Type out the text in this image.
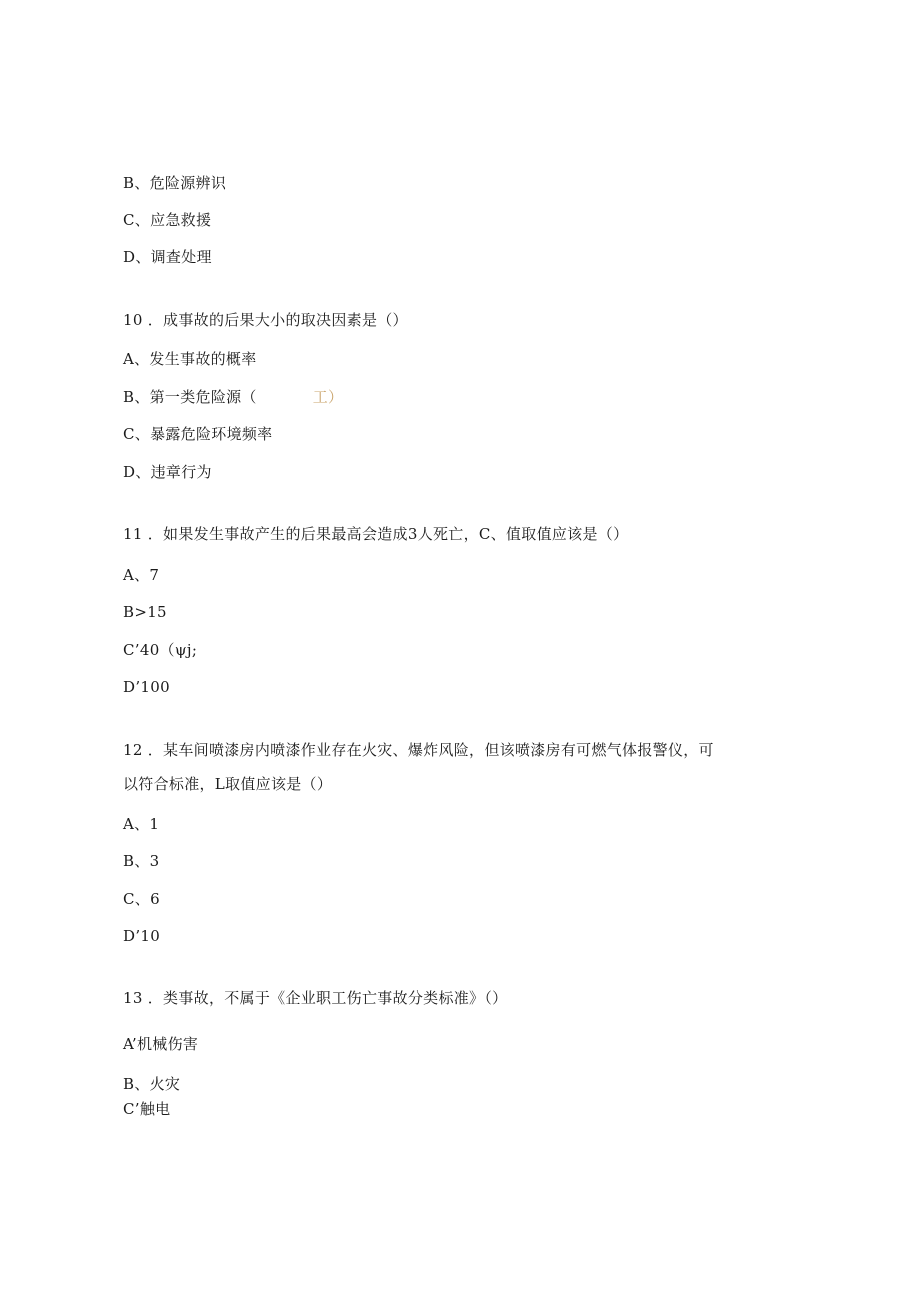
B、危险源辨识
C、应急救援
D、调查处理
10 ．成事故的后果大小的取决因素是（）
A、发生事故的概率
B、第一类危险源（	工）
C、暴露危险环境频率
D、违章行为
11 ．如果发生事故产生的后果最高会造成3人死亡，C、值取值应该是（）
A、7
B>15
C’40（ψj;
D’100
12 ．某车间喷漆房内喷漆作业存在火灾、爆炸风险，但该喷漆房有可燃气体报警仪，可
以符合标准，L取值应该是（）
A、1
B、3
C、6
D’10
13 ．类事故，不属于《企业职工伤亡事故分类标准》（）
A’机械伤害
B、火灾
C’触电
